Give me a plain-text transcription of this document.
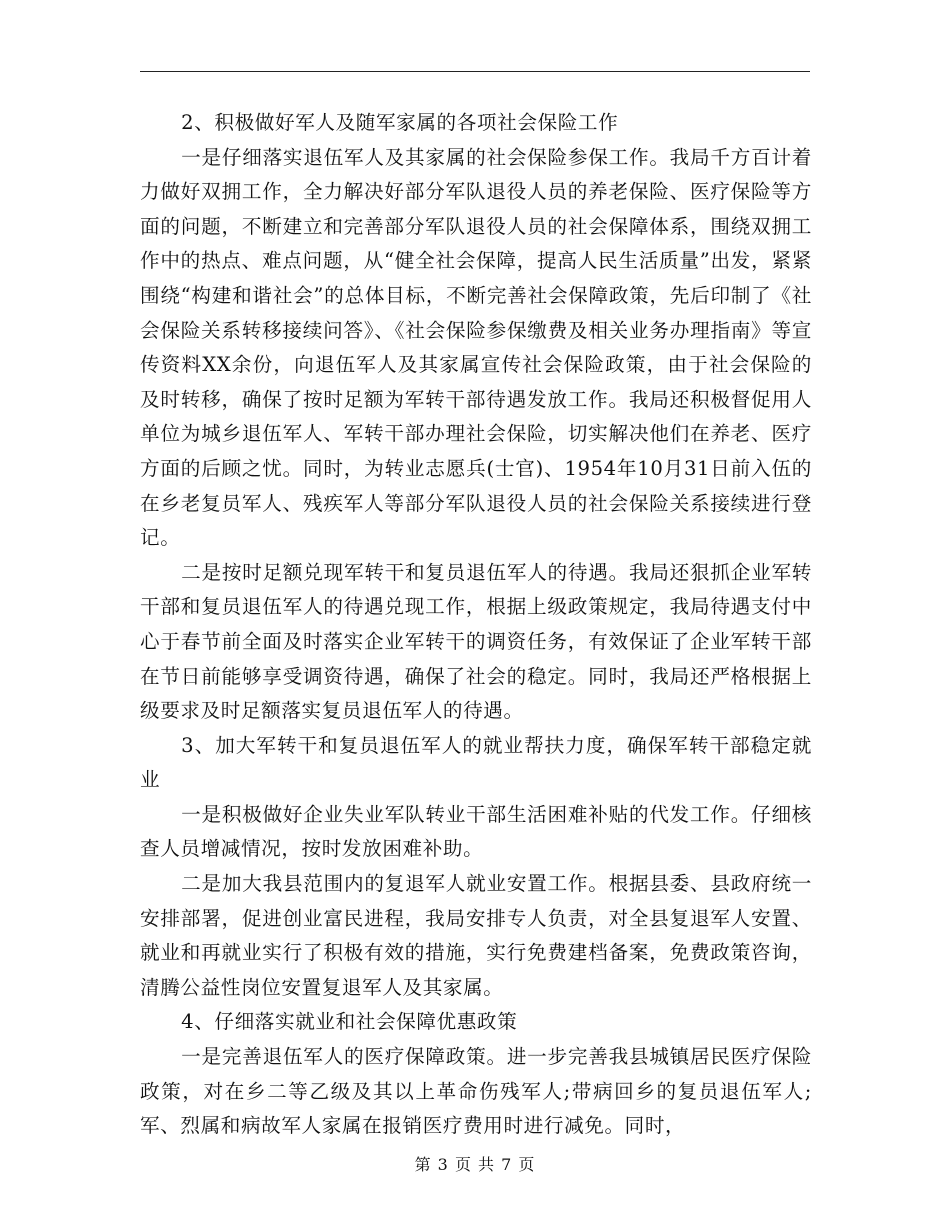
2、积极做好军人及随军家属的各项社会保险工作

一是仔细落实退伍军人及其家属的社会保险参保工作。我局千方百计着力做好双拥工作，全力解决好部分军队退役人员的养老保险、医疗保险等方面的问题，不断建立和完善部分军队退役人员的社会保障体系，围绕双拥工作中的热点、难点问题，从“健全社会保障，提高人民生活质量”出发，紧紧围绕“构建和谐社会”的总体目标，不断完善社会保障政策，先后印制了《社会保险关系转移接续问答》、《社会保险参保缴费及相关业务办理指南》等宣传资料XX余份，向退伍军人及其家属宣传社会保险政策，由于社会保险的及时转移，确保了按时足额为军转干部待遇发放工作。我局还积极督促用人单位为城乡退伍军人、军转干部办理社会保险，切实解决他们在养老、医疗方面的后顾之忧。同时，为转业志愿兵(士官)、1954年10月31日前入伍的在乡老复员军人、残疾军人等部分军队退役人员的社会保险关系接续进行登记。

二是按时足额兑现军转干和复员退伍军人的待遇。我局还狠抓企业军转干部和复员退伍军人的待遇兑现工作，根据上级政策规定，我局待遇支付中心于春节前全面及时落实企业军转干的调资任务，有效保证了企业军转干部在节日前能够享受调资待遇，确保了社会的稳定。同时，我局还严格根据上级要求及时足额落实复员退伍军人的待遇。

3、加大军转干和复员退伍军人的就业帮扶力度，确保军转干部稳定就业

一是积极做好企业失业军队转业干部生活困难补贴的代发工作。仔细核查人员增减情况，按时发放困难补助。

二是加大我县范围内的复退军人就业安置工作。根据县委、县政府统一安排部署，促进创业富民进程，我局安排专人负责，对全县复退军人安置、就业和再就业实行了积极有效的措施，实行免费建档备案，免费政策咨询，清腾公益性岗位安置复退军人及其家属。

4、仔细落实就业和社会保障优惠政策

一是完善退伍军人的医疗保障政策。进一步完善我县城镇居民医疗保险政策，对在乡二等乙级及其以上革命伤残军人;带病回乡的复员退伍军人;军、烈属和病故军人家属在报销医疗费用时进行减免。同时，

第 3 页 共 7 页
